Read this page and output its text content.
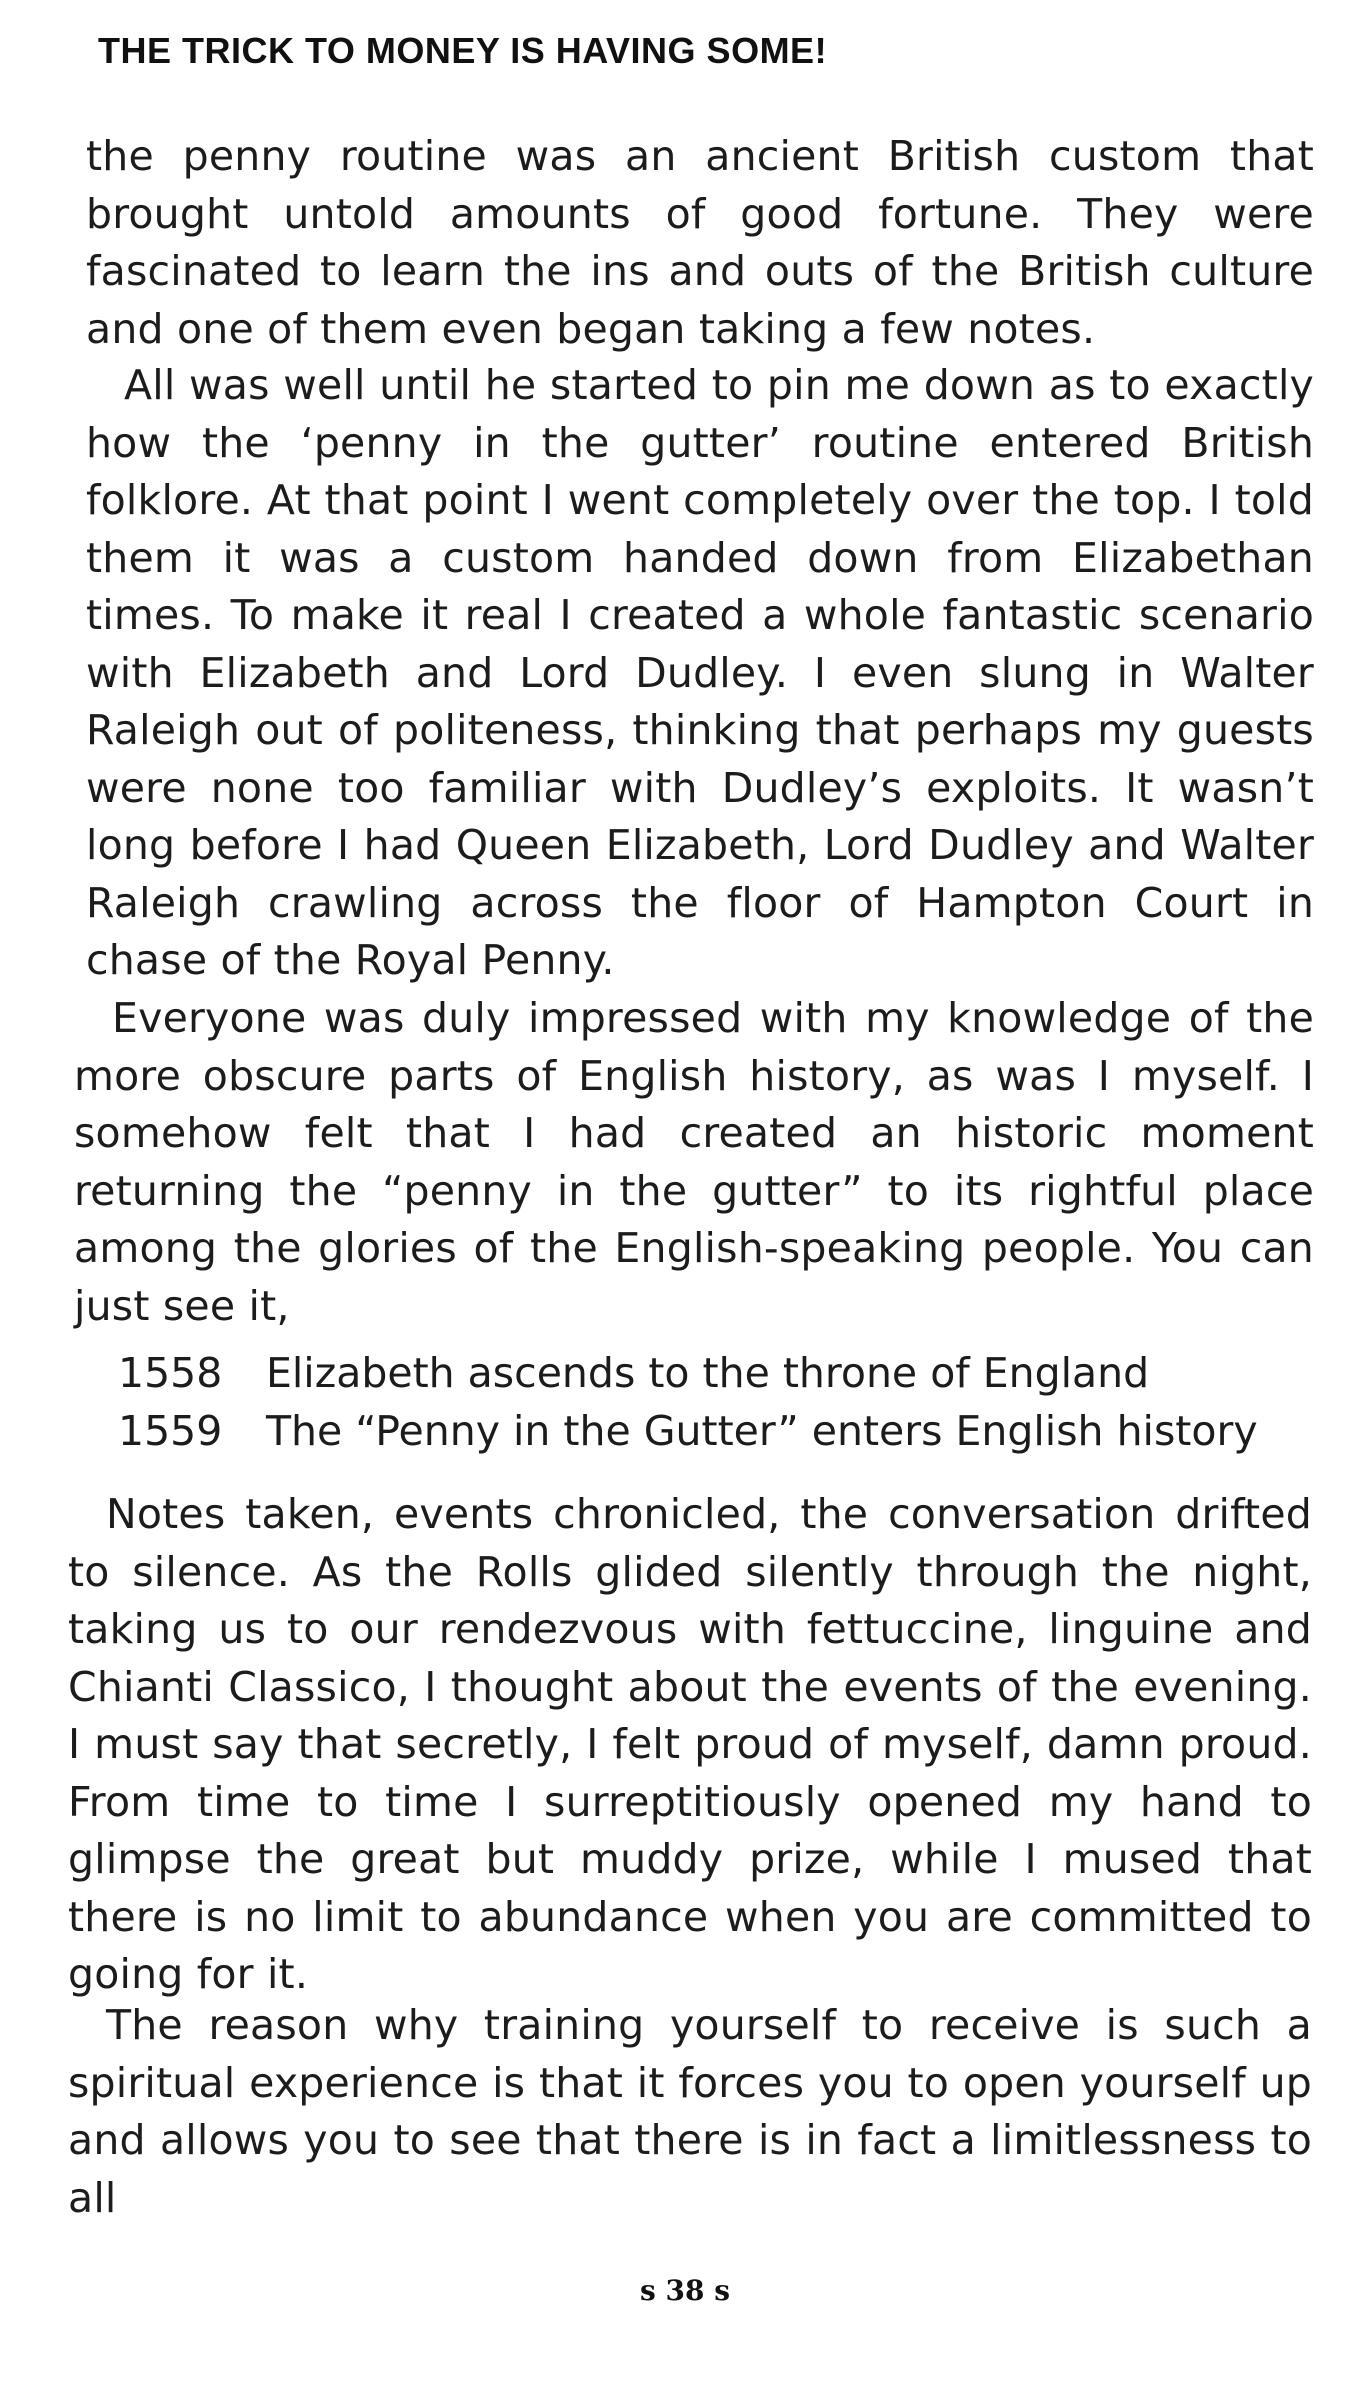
THE TRICK TO MONEY IS HAVING SOME!

the penny routine was an ancient British custom that brought untold amounts of good fortune. They were fascinated to learn the ins and outs of the British culture and one of them even began taking a few notes.

All was well until he started to pin me down as to exactly how the ‘penny in the gutter’ routine entered British folklore. At that point I went completely over the top. I told them it was a custom handed down from Elizabethan times. To make it real I created a whole fantastic scenario with Elizabeth and Lord Dudley. I even slung in Walter Raleigh out of politeness, thinking that perhaps my guests were none too familiar with Dudley’s exploits. It wasn’t long before I had Queen Elizabeth, Lord Dudley and Walter Raleigh crawling across the floor of Hampton Court in chase of the Royal Penny.

Everyone was duly impressed with my knowledge of the more obscure parts of English history, as was I myself. I somehow felt that I had created an historic moment returning the “penny in the gutter” to its rightful place among the glories of the English-speaking people. You can just see it,

1558	Elizabeth ascends to the throne of England
1559	The “Penny in the Gutter” enters English history

Notes taken, events chronicled, the conversation drifted to silence. As the Rolls glided silently through the night, taking us to our rendezvous with fettuccine, linguine and Chianti Classico, I thought about the events of the evening. I must say that secretly, I felt proud of myself, damn proud. From time to time I surreptitiously opened my hand to glimpse the great but muddy prize, while I mused that there is no limit to abundance when you are committed to going for it.

The reason why training yourself to receive is such a spiritual experience is that it forces you to open yourself up and allows you to see that there is in fact a limitlessness to all

s 38 s
